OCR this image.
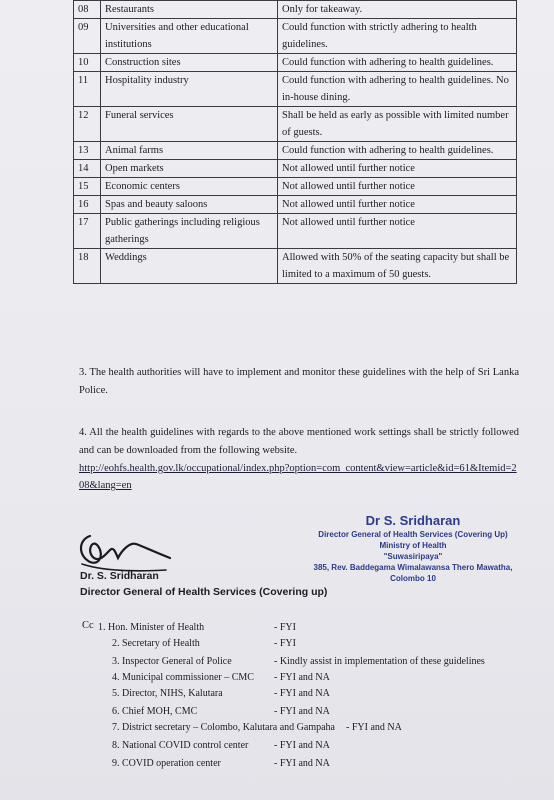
08	Restaurants	Only for takeaway.
09	Universities and other educational institutions	Could function with strictly adhering to health guidelines.
10	Construction sites	Could function with adhering to health guidelines.
11	Hospitality industry	Could function with adhering to health guidelines. No in-house dining.
12	Funeral services	Shall be held as early as possible with limited number of guests.
13	Animal farms	Could function with adhering to health guidelines.
14	Open markets	Not allowed until further notice
15	Economic centers	Not allowed until further notice
16	Spas and beauty saloons	Not allowed until further notice
17	Public gatherings including religious gatherings	Not allowed until further notice
18	Weddings	Allowed with 50% of the seating capacity but shall be limited to a maximum of 50 guests.

3. The health authorities will have to implement and monitor these guidelines with the help of Sri Lanka Police.

4. All the health guidelines with regards to the above mentioned work settings shall be strictly followed and can be downloaded from the following website.

http://eohfs.health.gov.lk/occupational/index.php?option=com_content&view=article&id=61&Itemid=208&lang=en
Dr. S. Sridharan
Director General of Health Services (Covering up)
Dr S. Sridharan
Director General of Health Services (Covering Up)
Ministry of Health
"Suwasiripaya"
385, Rev. Baddegama Wimalawansa Thero Mawatha,
Colombo 10
Cc 1. Hon. Minister of Health	- FYI
2. Secretary of Health	- FYI
3. Inspector General of Police	- Kindly assist in implementation of these guidelines
4. Municipal commissioner – CMC - FYI and NA
5. Director, NIHS, Kalutara	- FYI and NA
6. Chief MOH, CMC	- FYI and NA
7. District secretary – Colombo, Kalutara and Gampaha - FYI and NA
8. National COVID control center	- FYI and NA
9. COVID operation center	- FYI and NA
